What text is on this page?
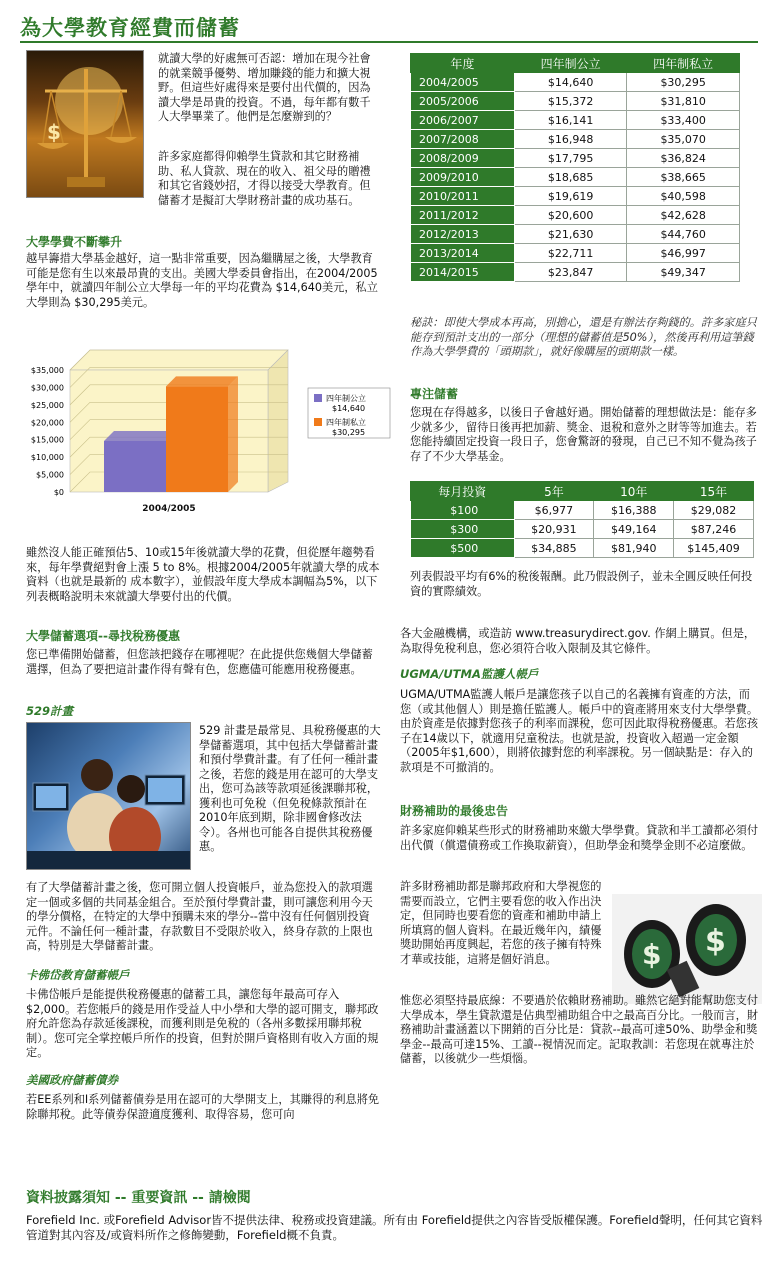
為大學教育經費而儲蓄
$
就讀大學的好處無可否認：增加在現今社會的就業競爭優勢、增加賺錢的能力和擴大視野。但這些好處得來是要付出代價的，因為讀大學是昂貴的投資。不過，每年都有數千人大學畢業了。他們是怎麼辦到的？
許多家庭都得仰賴學生貸款和其它財務補助、私人貸款、現在的收入、祖父母的贈禮和其它省錢妙招，才得以接受大學教育。但儲蓄才是擬訂大學財務計畫的成功基石。
大學學費不斷攀升
越早籌措大學基金越好，這一點非常重要，因為繼購屋之後，大學教育可能是您有生以來最昂貴的支出。美國大學委員會指出，在2004/2005學年中，就讀四年制公立大學每一年的平均花費為 $14,640美元，私立大學則為 $30,295美元。
$0
$5,000
$10,000
$15,000
$20,000
$25,000
$30,000
$35,000
2004/2005
四年制公立
$14,640
四年制私立
$30,295
雖然沒人能正確預估5、10或15年後就讀大學的花費，但從歷年趨勢看來，每年學費絕對會上漲 5 to 8%。根據2004/2005年就讀大學的成本資料（也就是最新的 成本數字），並假設年度大學成本調幅為5%，以下列表概略說明未來就讀大學要付出的代價。
年度	四年制公立	四年制私立
2004/2005	$14,640	$30,295
2005/2006	$15,372	$31,810
2006/2007	$16,141	$33,400
2007/2008	$16,948	$35,070
2008/2009	$17,795	$36,824
2009/2010	$18,685	$38,665
2010/2011	$19,619	$40,598
2011/2012	$20,600	$42,628
2012/2013	$21,630	$44,760
2013/2014	$22,711	$46,997
2014/2015	$23,847	$49,347
秘訣：即使大學成本再高，別擔心，還是有辦法存夠錢的。許多家庭只能存到預計支出的一部分（理想的儲蓄值是50%），然後再利用這筆錢作為大學學費的「頭期款」，就好像購屋的頭期款一樣。
專注儲蓄
您現在存得越多，以後日子會越好過。開始儲蓄的理想做法是：能存多少就多少，留待日後再把加薪、獎金、退稅和意外之財等等加進去。若您能持續固定投資一段日子，您會驚訝的發現，自己已不知不覺為孩子存了不少大學基金。
每月投資	5年	10年	15年
$100	$6,977	$16,388	$29,082
$300	$20,931	$49,164	$87,246
$500	$34,885	$81,940	$145,409
列表假設平均有6%的稅後報酬。此乃假設例子，並未全圓反映任何投資的實際績效。
大學儲蓄選項--尋找稅務優惠
您已準備開始儲蓄，但您該把錢存在哪裡呢？在此提供您幾個大學儲蓄選擇，但為了要把這計畫作得有聲有色，您應儘可能應用稅務優惠。
529計畫
529 計畫是最常見、具稅務優惠的大學儲蓄選項，其中包括大學儲蓄計畫和預付學費計畫。有了任何一種計畫之後，若您的錢是用在認可的大學支出，您可為該等款項延後課聯邦稅，獲利也可免稅（但免稅條款預計在2010年底到期，除非國會修改法令）。各州也可能各自提供其稅務優惠。
有了大學儲蓄計畫之後，您可開立個人投資帳戶，並為您投入的款項選定一個或多個的共同基金組合。至於預付學費計畫，則可讓您利用今天的學分價格，在特定的大學中預購未來的學分--當中沒有任何個別投資元件。不論任何一種計畫，存款數目不受限於收入，終身存款的上限也高，特別是大學儲蓄計畫。
卡佛岱教育儲蓄帳戶
卡佛岱帳戶是能提供稅務優惠的儲蓄工具，讓您每年最高可存入$2,000。若您帳戶的錢是用作受益人中小學和大學的認可開支，聯邦政府允許您為存款延後課稅，而獲利則是免稅的（各州多數採用聯邦稅制）。您可完全掌控帳戶所作的投資，但對於開戶資格則有收入方面的規定。
美國政府儲蓄債券
若EE系列和I系列儲蓄債券是用在認可的大學開支上，其賺得的利息將免除聯邦稅。此等債券保證適度獲利、取得容易，您可向
各大金融機構，或造訪 www.treasurydirect.gov. 作網上購買。但是，為取得免稅利息，您必須符合收入限制及其它條件。
UGMA/UTMA監護人帳戶
UGMA/UTMA監護人帳戶是讓您孩子以自己的名義擁有資產的方法，而您（或其他個人）則是擔任監護人。帳戶中的資產將用來支付大學學費。由於資產是依據對您孩子的利率而課稅，您可因此取得稅務優惠。若您孩子在14歲以下，就適用兒童稅法。也就是說，投資收入超過一定金額（2005年$1,600），則將依據對您的利率課稅。另一個缺點是：存入的款項是不可撤消的。
財務補助的最後忠告
許多家庭仰賴某些形式的財務補助來繳大學學費。貸款和半工讀都必須付出代價（償還債務或工作換取薪資），但助學金和獎學金則不必這麼做。
許多財務補助都是聯邦政府和大學視您的需要而設立，它們主要看您的收入作出決定，但同時也要看您的資產和補助申請上所填寫的個人資料。在最近幾年內，績優獎助開始再度興起，若您的孩子擁有特殊才華或技能，這將是個好消息。	$ $
惟您必須堅持最底線：不要過於依賴財務補助。雖然它絕對能幫助您支付大學成本，學生貸款還是佔典型補助組合中之最高百分比。一般而言，財務補助計畫涵蓋以下開銷的百分比是：貸款--最高可達50%、助學金和獎學金--最高可達15%、工讀--視情況而定。記取教訓：若您現在就專注於儲蓄，以後就少一些煩惱。
資料披露須知 -- 重要資訊 -- 請檢閱
Forefield Inc. 或Forefield Advisor皆不提供法律、稅務或投資建議。所有由 Forefield提供之內容皆受版權保護。Forefield聲明，任何其它資料管道對其內容及/或資料所作之修飾變動，Forefield概不負責。
